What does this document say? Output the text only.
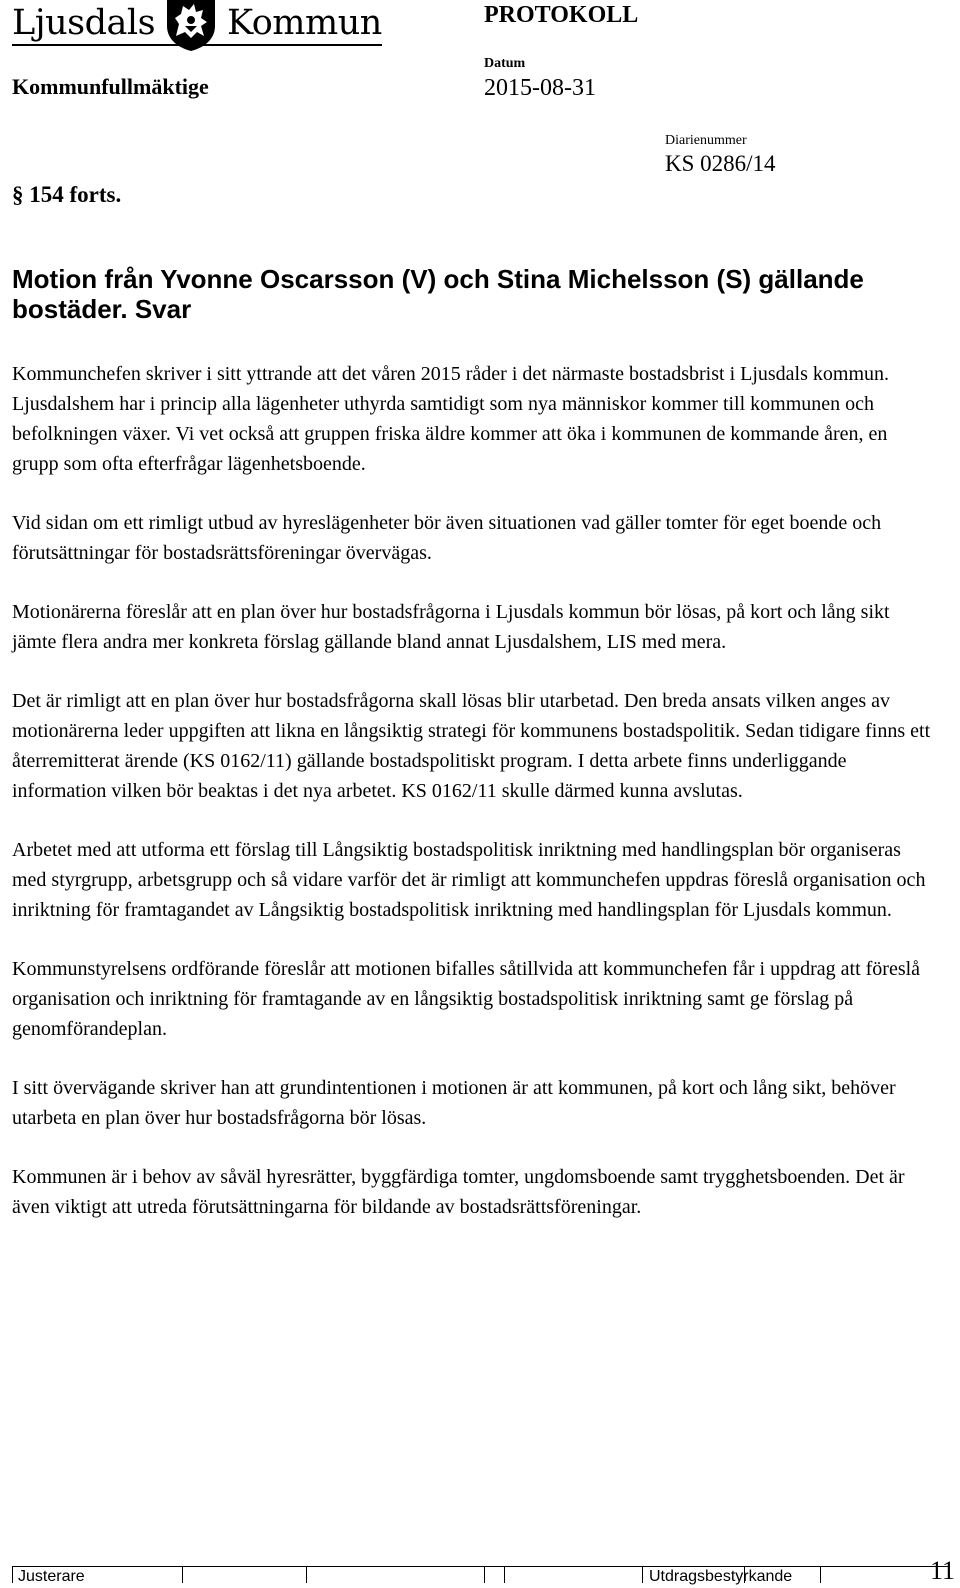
Ljusdals Kommun
Kommunfullmäktige
PROTOKOLL
Datum
2015-08-31
Diarienummer
KS 0286/14
§ 154 forts.
Motion från Yvonne Oscarsson (V) och Stina Michelsson (S) gällande bostäder. Svar

Kommunchefen skriver i sitt yttrande att det våren 2015 råder i det närmaste bostadsbrist i Ljusdals kommun. Ljusdalshem har i princip alla lägenheter uthyrda samtidigt som nya människor kommer till kommunen och befolkningen växer. Vi vet också att gruppen friska äldre kommer att öka i kommunen de kommande åren, en grupp som ofta efterfrågar lägenhetsboende.

Vid sidan om ett rimligt utbud av hyreslägenheter bör även situationen vad gäller tomter för eget boende och förutsättningar för bostadsrättsföreningar övervägas.

Motionärerna föreslår att en plan över hur bostadsfrågorna i Ljusdals kommun bör lösas, på kort och lång sikt jämte flera andra mer konkreta förslag gällande bland annat Ljusdalshem, LIS med mera.

Det är rimligt att en plan över hur bostadsfrågorna skall lösas blir utarbetad. Den breda ansats vilken anges av motionärerna leder uppgiften att likna en långsiktig strategi för kommunens bostadspolitik. Sedan tidigare finns ett återremitterat ärende (KS 0162/11) gällande bostadspolitiskt program. I detta arbete finns underliggande information vilken bör beaktas i det nya arbetet. KS 0162/11 skulle därmed kunna avslutas.

Arbetet med att utforma ett förslag till Långsiktig bostadspolitisk inriktning med handlingsplan bör organiseras med styrgrupp, arbetsgrupp och så vidare varför det är rimligt att kommunchefen uppdras föreslå organisation och inriktning för framtagandet av Långsiktig bostadspolitisk inriktning med handlingsplan för Ljusdals kommun.

Kommunstyrelsens ordförande föreslår att motionen bifalles såtillvida att kommunchefen får i uppdrag att föreslå organisation och inriktning för framtagande av en långsiktig bostadspolitisk inriktning samt ge förslag på genomförandeplan.

I sitt övervägande skriver han att grundintentionen i motionen är att kommunen, på kort och lång sikt, behöver utarbeta en plan över hur bostadsfrågorna bör lösas.

Kommunen är i behov av såväl hyresrätter, byggfärdiga tomter, ungdomsboende samt trygghetsboenden. Det är även viktigt att utreda förutsättningarna för bildande av bostadsrättsföreningar.

Justerare	Utdragsbestyrkande	11
